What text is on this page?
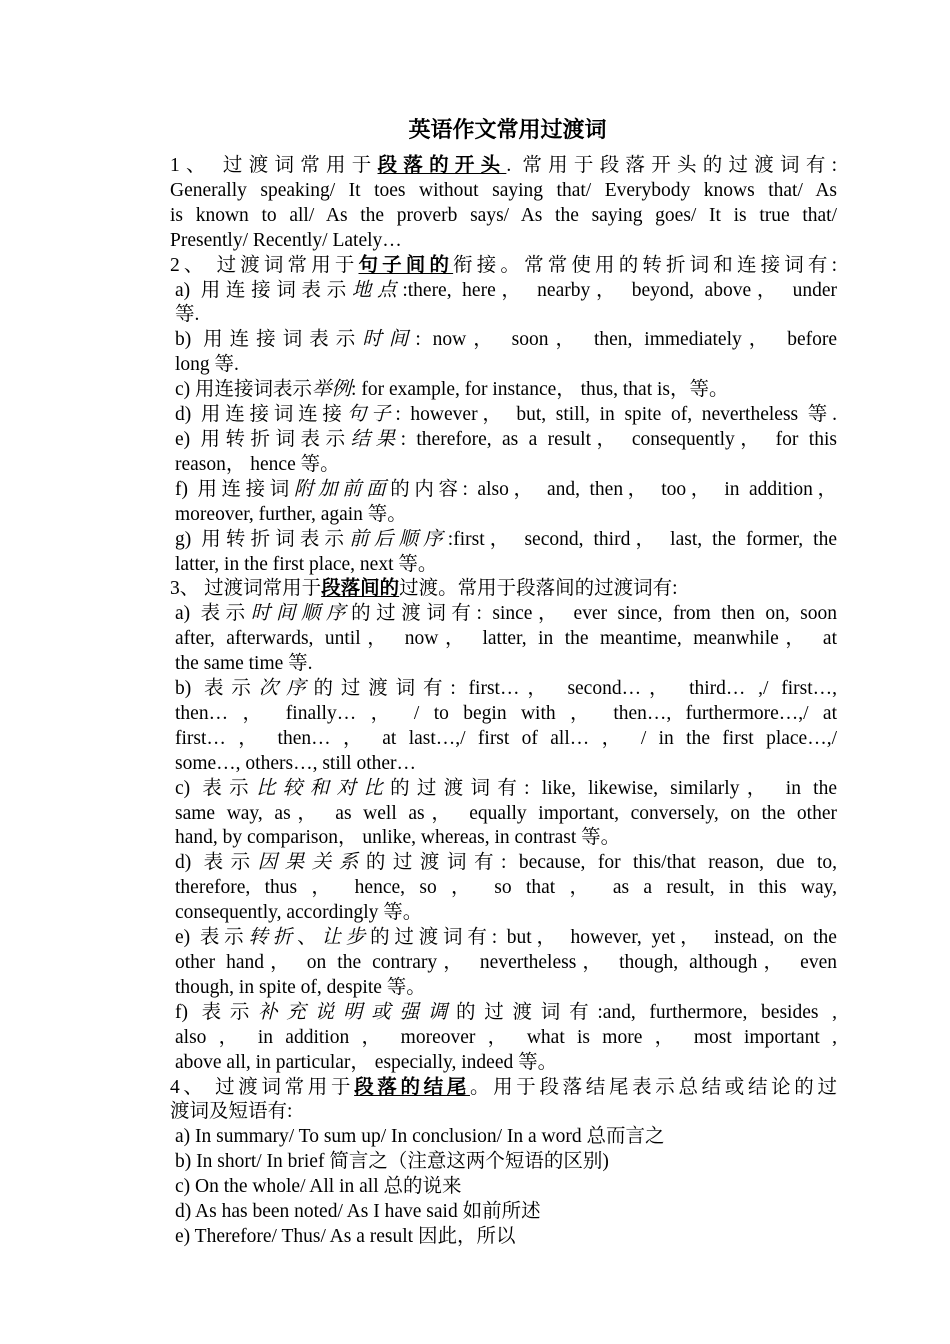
英语作文常用过渡词
1、 过渡词常用于段落的开头. 常用于段落开头的过渡词有:
Generally speaking/ It toes without saying that/ Everybody knows that/ As
is known to all/ As the proverb says/ As the saying goes/ It is true that/
Presently/ Recently/ Lately…
2、 过渡词常用于句子间的衔接。常常使用的转折词和连接词有:
a) 用连接词表示地点:there, here， nearby， beyond, above， under
等.
b) 用连接词表示时间: now， soon， then, immediately， before
long 等.
c) 用连接词表示举例: for example, for instance， thus, that is，等。
d) 用连接词连接句子: however， but, still, in spite of, nevertheless 等.
e) 用转折词表示结果: therefore, as a result， consequently， for this
reason， hence 等。
f) 用连接词附加前面的内容: also， and, then， too， in addition，
moreover, further, again 等。
g) 用转折词表示前后顺序:first， second, third， last, the former, the
latter, in the first place, next 等。
3、 过渡词常用于段落间的过渡。常用于段落间的过渡词有:
a) 表示时间顺序的过渡词有: since， ever since, from then on, soon
after, afterwards, until， now， latter, in the meantime, meanwhile， at
the same time 等.
b) 表示次序的过渡词有: first…， second…， third… ,/ first…,
then… ， finally… ， / to begin with ， then…, furthermore…,/ at
first… ， then… ， at last…,/ first of all… ， / in the first place…,/
some…, others…, still other…
c) 表示比较和对比的过渡词有: like, likewise, similarly， in the
same way, as， as well as， equally important, conversely, on the other
hand, by comparison， unlike, whereas, in contrast 等。
d) 表示因果关系的过渡词有: because, for this/that reason, due to,
therefore, thus ， hence, so ， so that ， as a result, in this way,
consequently, accordingly 等。
e) 表示转折、让步的过渡词有: but， however, yet， instead, on the
other hand， on the contrary， nevertheless， though, although， even
though, in spite of, despite 等。
f) 表示补充说明或强调的过渡词有:and, furthermore, besides ,
also ， in addition ， moreover ， what is more ， most important ,
above all, in particular， especially, indeed 等。
4、 过渡词常用于段落的结尾。用于段落结尾表示总结或结论的过
渡词及短语有:
a) In summary/ To sum up/ In conclusion/ In a word 总而言之
b) In short/ In brief 简言之（注意这两个短语的区别)
c) On the whole/ All in all 总的说来
d) As has been noted/ As I have said 如前所述
e) Therefore/ Thus/ As a result 因此，所以
